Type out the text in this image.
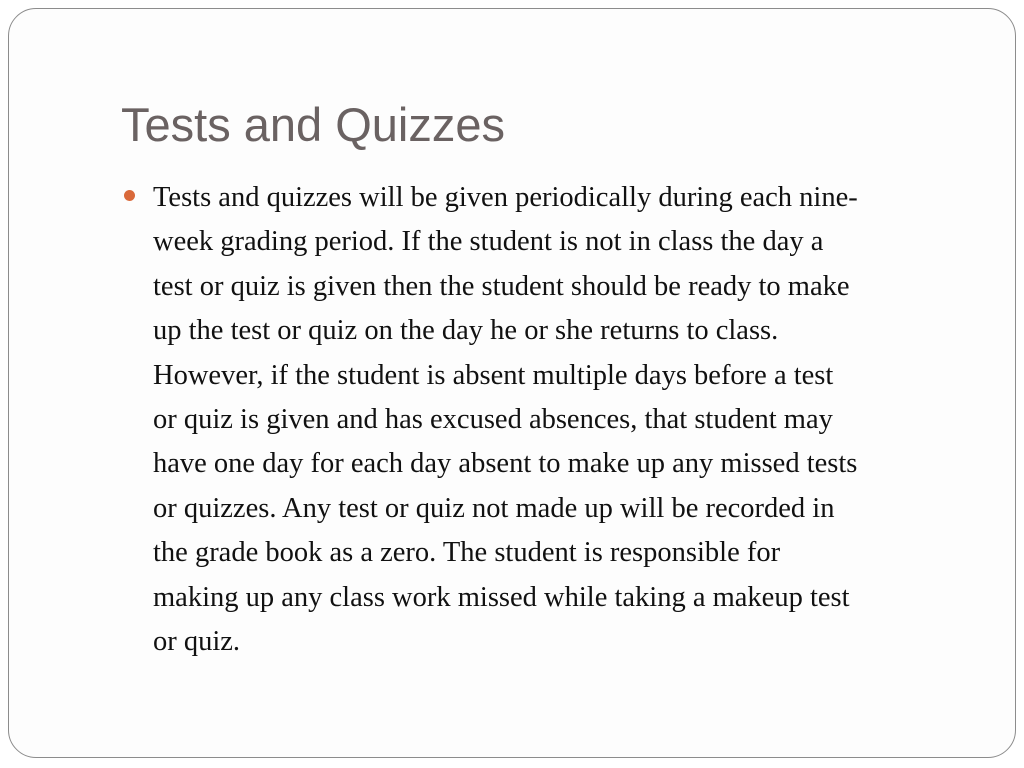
Tests and Quizzes

Tests and quizzes will be given periodically during each nine-
week grading period. If the student is not in class the day a
test or quiz is given then the student should be ready to make
up the test or quiz on the day he or she returns to class.
However, if the student is absent multiple days before a test
or quiz is given and has excused absences, that student may
have one day for each day absent to make up any missed tests
or quizzes. Any test or quiz not made up will be recorded in
the grade book as a zero. The student is responsible for
making up any class work missed while taking a makeup test
or quiz.
